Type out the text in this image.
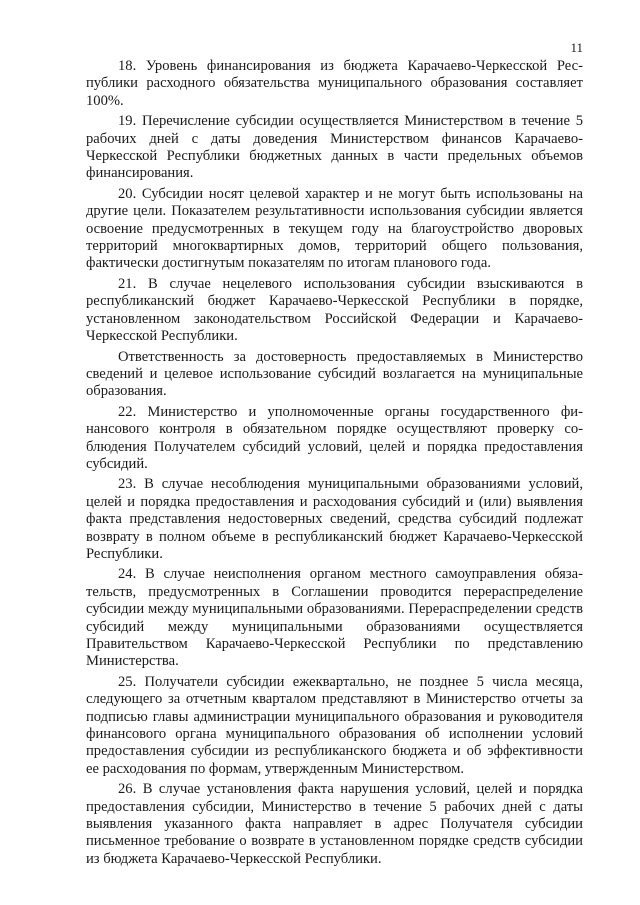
11

18. Уровень финансирования из бюджета Карачаево-Черкесской Республики расходного обязательства муниципального образования составляет 100%.

19. Перечисление субсидии осуществляется Министерством в течение 5 рабочих дней с даты доведения Министерством финансов Карачаево-Черкесской Республики бюджетных данных в части предельных объемов финансирования.

20. Субсидии носят целевой характер и не могут быть использованы на другие цели. Показателем результативности использования субсидии является освоение предусмотренных в текущем году на благоустройство дворовых территорий многоквартирных домов, территорий общего пользования, фактически достигнутым показателям по итогам планового года.

21. В случае нецелевого использования субсидии взыскиваются в республиканский бюджет Карачаево-Черкесской Республики в порядке, установленном законодательством Российской Федерации и Карачаево-Черкесской Республики.

Ответственность за достоверность предоставляемых в Министерство сведений и целевое использование субсидий возлагается на муниципальные образования.

22. Министерство и уполномоченные органы государственного финансового контроля в обязательном порядке осуществляют проверку соблюдения Получателем субсидий условий, целей и порядка предоставления субсидий.

23. В случае несоблюдения муниципальными образованиями условий, целей и порядка предоставления и расходования субсидий и (или) выявления факта представления недостоверных сведений, средства субсидий подлежат возврату в полном объеме в республиканский бюджет Карачаево-Черкесской Республики.

24. В случае неисполнения органом местного самоуправления обязательств, предусмотренных в Соглашении проводится перераспределение субсидии между муниципальными образованиями. Перераспределении средств субсидий между муниципальными образованиями осуществляется Правительством Карачаево-Черкесской Республики по представлению Министерства.

25. Получатели субсидии ежеквартально, не позднее 5 числа месяца, следующего за отчетным кварталом представляют в Министерство отчеты за подписью главы администрации муниципального образования и руководителя финансового органа муниципального образования об исполнении условий предоставления субсидии из республиканского бюджета и об эффективности ее расходования по формам, утвержденным Министерством.

26. В случае установления факта нарушения условий, целей и порядка предоставления субсидии, Министерство в течение 5 рабочих дней с даты выявления указанного факта направляет в адрес Получателя субсидии письменное требование о возврате в установленном порядке средств субсидии из бюджета Карачаево-Черкесской Республики.
